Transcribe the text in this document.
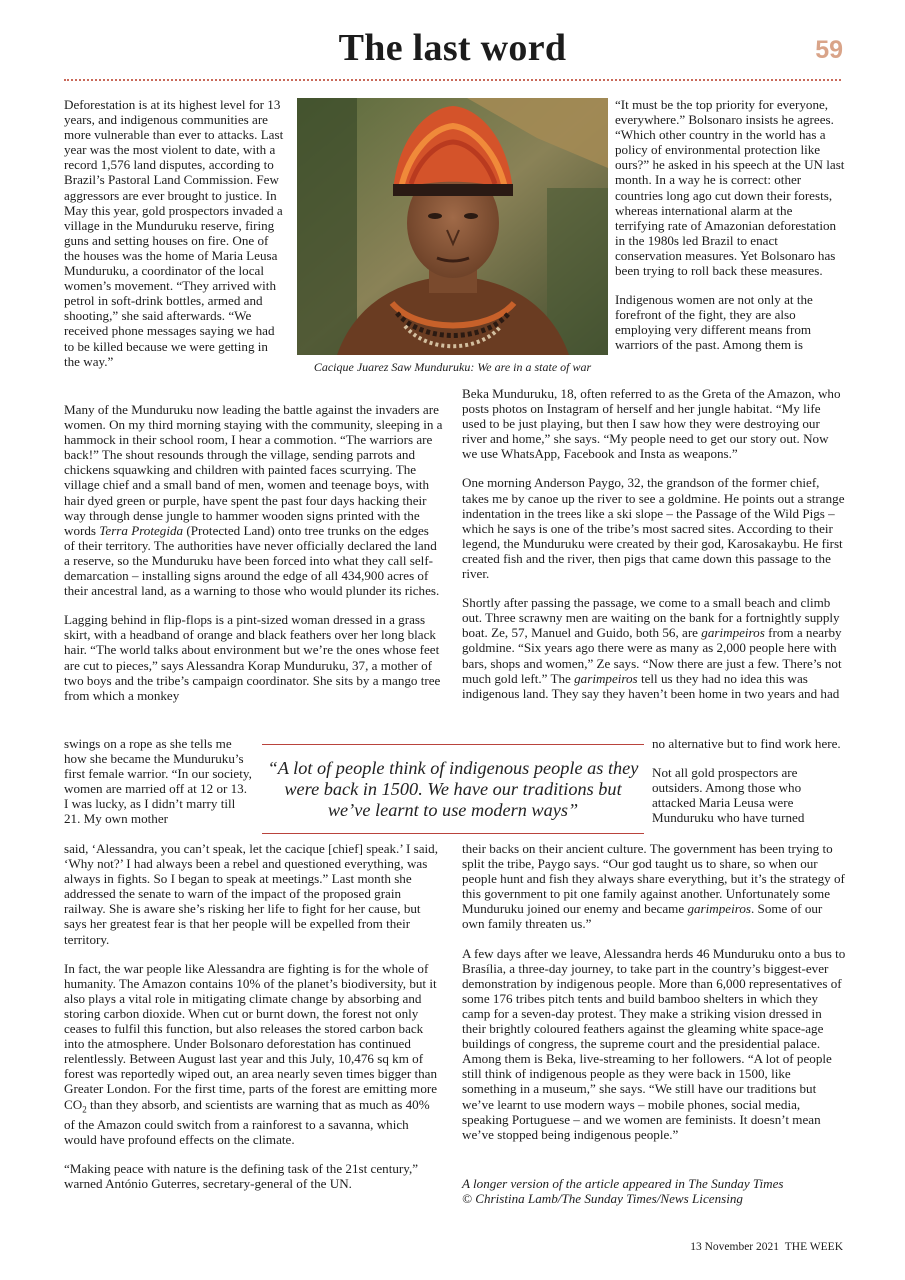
The last word	59

Deforestation is at its highest level for 13 years, and indigenous communities are more vulnerable than ever to attacks. Last year was the most violent to date, with a record 1,576 land disputes, according to Brazil’s Pastoral Land Commission. Few aggressors are ever brought to justice. In May this year, gold prospectors invaded a village in the Munduruku reserve, firing guns and setting houses on fire. One of the houses was the home of Maria Leusa Munduruku, a coordinator of the local women’s movement. “They arrived with petrol in soft-drink bottles, armed and shooting,” she said afterwards. “We received phone messages saying we had to be killed because we were getting in the way.”	Cacique Juarez Saw Munduruku: We are in a state of war

“It must be the top priority for everyone, everywhere.” Bolsonaro insists he agrees. “Which other country in the world has a policy of environmental protection like ours?” he asked in his speech at the UN last month. In a way he is correct: other countries long ago cut down their forests, whereas international alarm at the terrifying rate of Amazonian deforestation in the 1980s led Brazil to enact conservation measures. Yet Bolsonaro has been trying to roll back these measures.

Indigenous women are not only at the forefront of the fight, they are also employing very different means from warriors of the past. Among them is

Many of the Munduruku now leading the battle against the invaders are women. On my third morning staying with the community, sleeping in a hammock in their school room, I hear a commotion. “The warriors are back!” The shout resounds through the village, sending parrots and chickens squawking and children with painted faces scurrying. The village chief and a small band of men, women and teenage boys, with hair dyed green or purple, have spent the past four days hacking their way through dense jungle to hammer wooden signs printed with the words Terra Protegida (Protected Land) onto tree trunks on the edges of their territory. The authorities have never officially declared the land a reserve, so the Munduruku have been forced into what they call self-demarcation – installing signs around the edge of all 434,900 acres of their ancestral land, as a warning to those who would plunder its riches.

Lagging behind in flip-flops is a pint-sized woman dressed in a grass skirt, with a headband of orange and black feathers over her long black hair. “The world talks about environment but we’re the ones whose feet are cut to pieces,” says Alessandra Korap Munduruku, 37, a mother of two boys and the tribe’s campaign coordinator. She sits by a mango tree from which a monkey

swings on a rope as she tells me how she became the Munduruku’s first female warrior. “In our society, women are married off at 12 or 13. I was lucky, as I didn’t marry till 21. My own mother

said, ‘Alessandra, you can’t speak, let the cacique [chief] speak.’ I said, ‘Why not?’ I had always been a rebel and questioned everything, was always in fights. So I began to speak at meetings.” Last month she addressed the senate to warn of the impact of the proposed grain railway. She is aware she’s risking her life to fight for her cause, but says her greatest fear is that her people will be expelled from their territory.

In fact, the war people like Alessandra are fighting is for the whole of humanity. The Amazon contains 10% of the planet’s biodiversity, but it also plays a vital role in mitigating climate change by absorbing and storing carbon dioxide. When cut or burnt down, the forest not only ceases to fulfil this function, but also releases the stored carbon back into the atmosphere. Under Bolsonaro deforestation has continued relentlessly. Between August last year and this July, 10,476 sq km of forest was reportedly wiped out, an area nearly seven times bigger than Greater London. For the first time, parts of the forest are emitting more $CO_2$ than they absorb, and scientists are warning that as much as 40% of the Amazon could switch from a rainforest to a savanna, which would have profound effects on the climate.

“Making peace with nature is the defining task of the 21st century,” warned António Guterres, secretary-general of the UN.

Beka Munduruku, 18, often referred to as the Greta of the Amazon, who posts photos on Instagram of herself and her jungle habitat. “My life used to be just playing, but then I saw how they were destroying our river and home,” she says. “My people need to get our story out. Now we use WhatsApp, Facebook and Insta as weapons.”

One morning Anderson Paygo, 32, the grandson of the former chief, takes me by canoe up the river to see a goldmine. He points out a strange indentation in the trees like a ski slope – the Passage of the Wild Pigs – which he says is one of the tribe’s most sacred sites. According to their legend, the Munduruku were created by their god, Karosakaybu. He first created fish and the river, then pigs that came down this passage to the river.

Shortly after passing the passage, we come to a small beach and climb out. Three scrawny men are waiting on the bank for a fortnightly supply boat. Ze, 57, Manuel and Guido, both 56, are garimpeiros from a nearby goldmine. “Six years ago there were as many as 2,000 people here with bars, shops and women,” Ze says. “Now there are just a few. There’s not much gold left.” The garimpeiros tell us they had no idea this was indigenous land. They say they haven’t been home in two years and had

no alternative but to find work here.

Not all gold prospectors are outsiders. Among those who attacked Maria Leusa were Munduruku who have turned

their backs on their ancient culture. The government has been trying to split the tribe, Paygo says. “Our god taught us to share, so when our people hunt and fish they always share everything, but it’s the strategy of this government to pit one family against another. Unfortunately some Munduruku joined our enemy and became garimpeiros. Some of our own family threaten us.”

A few days after we leave, Alessandra herds 46 Munduruku onto a bus to Brasília, a three-day journey, to take part in the country’s biggest-ever demonstration by indigenous people. More than 6,000 representatives of some 176 tribes pitch tents and build bamboo shelters in which they camp for a seven-day protest. They make a striking vision dressed in their brightly coloured feathers against the gleaming white space-age buildings of congress, the supreme court and the presidential palace. Among them is Beka, live-streaming to her followers. “A lot of people still think of indigenous people as they were back in 1500, like something in a museum,” she says. “We still have our traditions but we’ve learnt to use modern ways – mobile phones, social media, speaking Portuguese – and we women are feminists. It doesn’t mean we’ve stopped being indigenous people.”

“A lot of people think of indigenous people as they were back in 1500. We have our traditions but we’ve learnt to use modern ways”
A longer version of the article appeared in The Sunday Times
© Christina Lamb/The Sunday Times/News Licensing
13 November 2021 THE WEEK
